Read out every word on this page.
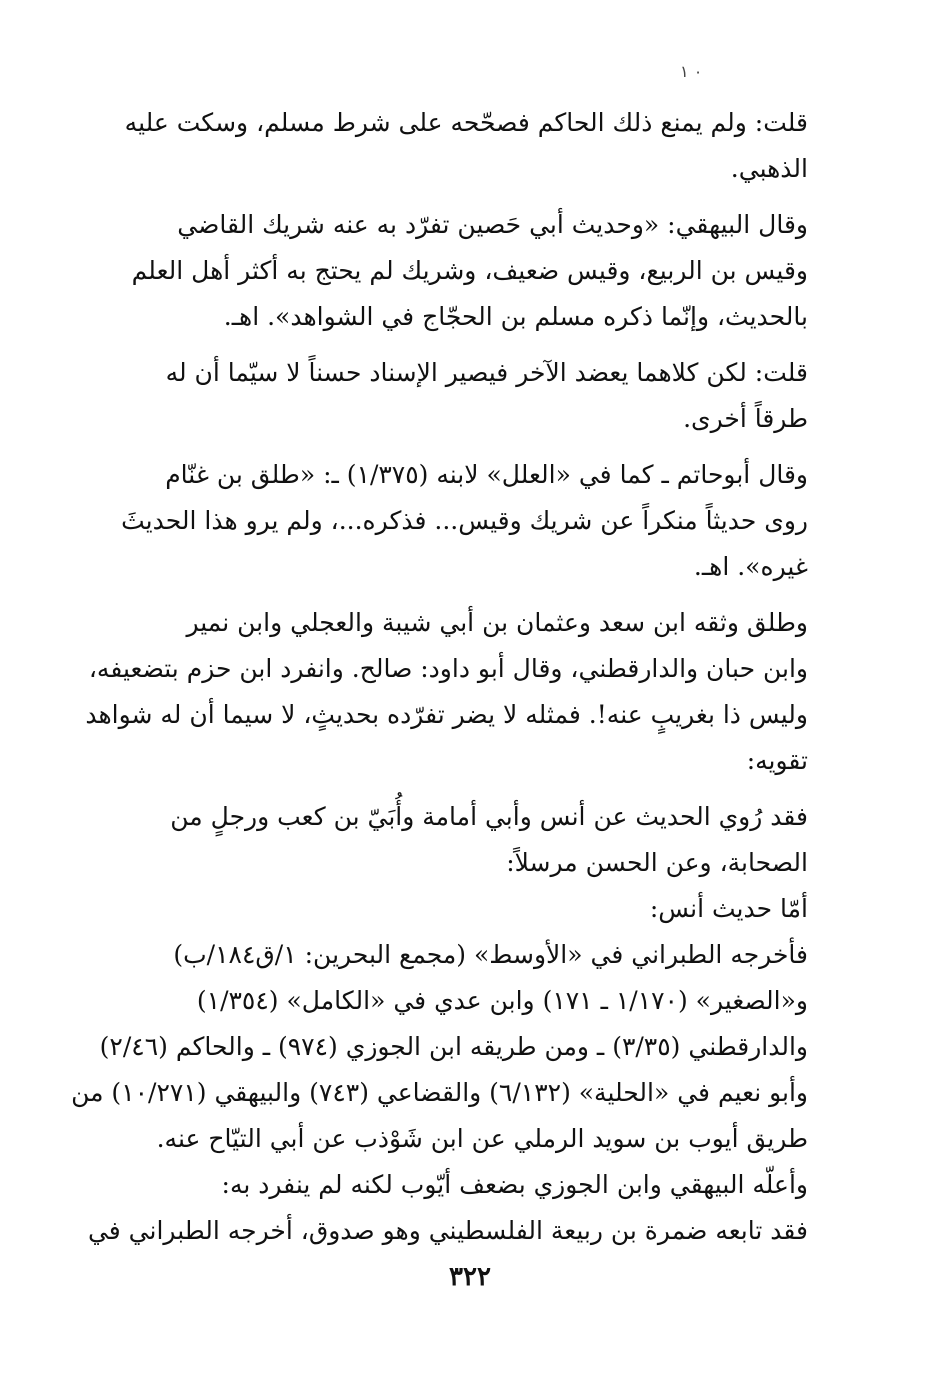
٠ ١
قلت: ولم يمنع ذلك الحاكم فصحّحه على شرط مسلم، وسكت عليه
الذهبي.
وقال البيهقي: «وحديث أبي حَصين تفرّد به عنه شريك القاضي
وقيس بن الربيع، وقيس ضعيف، وشريك لم يحتج به أكثر أهل العلم
بالحديث، وإنّما ذكره مسلم بن الحجّاج في الشواهد». اهـ.
قلت: لكن كلاهما يعضد الآخر فيصير الإسناد حسناً لا سيّما أن له
طرقاً أخرى.
وقال أبوحاتم ـ كما في «العلل» لابنه (١/٣٧٥) ـ: «طلق بن غنّام
روى حديثاً منكراً عن شريك وقيس... فذكره...، ولم يرو هذا الحديثَ
غيره». اهـ.
وطلق وثقه ابن سعد وعثمان بن أبي شيبة والعجلي وابن نمير
وابن حبان والدارقطني، وقال أبو داود: صالح. وانفرد ابن حزم بتضعيفه،
وليس ذا بغريبٍ عنه!. فمثله لا يضر تفرّده بحديثٍ، لا سيما أن له شواهد
تقويه:
فقد رُوي الحديث عن أنس وأبي أمامة وأُبَيّ بن كعب ورجلٍ من
الصحابة، وعن الحسن مرسلاً:
أمّا حديث أنس:
فأخرجه الطبراني في «الأوسط» (مجمع البحرين: ١/ق١٨٤/ب)
و«الصغير» (١/١٧٠ ـ ١٧١) وابن عدي في «الكامل» (١/٣٥٤)
والدارقطني (٣/٣٥) ـ ومن طريقه ابن الجوزي (٩٧٤) ـ والحاكم (٢/٤٦)
وأبو نعيم في «الحلية» (٦/١٣٢) والقضاعي (٧٤٣) والبيهقي (١٠/٢٧١) من
طريق أيوب بن سويد الرملي عن ابن شَوْذب عن أبي التيّاح عنه.
وأعلّه البيهقي وابن الجوزي بضعف أيّوب لكنه لم ينفرد به:
فقد تابعه ضمرة بن ربيعة الفلسطيني وهو صدوق، أخرجه الطبراني في
٣٢٢
